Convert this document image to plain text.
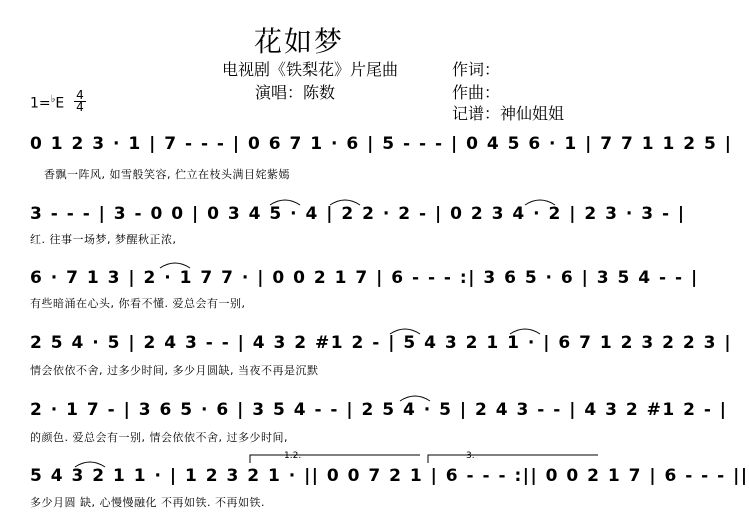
花如梦
电视剧《铁梨花》片尾曲
演唱：陈数
作词：
作曲：
记谱：神仙姐姐
1=♭E
4
4
0 1 2 3 · 1 | 7 - - - | 0 6 7 1 · 6 | 5 - - - | 0 4 5 6 · 1 | 7 7 1 1 2 5 |
香飘一阵风, 如雪般笑容, 伫立在枝头满目姹紫嫣
3 - - - | 3 - 0 0 | 0 3 4 5 · 4 | 2 2 · 2 - | 0 2 3 4 · 2 | 2 3 · 3 - |
红. 往事一场梦, 梦醒秋正浓,
6 · 7 1 3 | 2 · 1 7 7 · | 0 0 2 1 7 | 6 - - - :| 3 6 5 · 6 | 3 5 4 - - |
有些暗涌在心头, 你看不懂. 爱总会有一别,
2 5 4 · 5 | 2 4 3 - - | 4 3 2 #1 2 - | 5 4 3 2 1 1 · | 6 7 1 2 3 2 2 3 |
情会依依不舍, 过多少时间, 多少月圆缺, 当夜不再是沉默
2 · 1 7 - | 3 6 5 · 6 | 3 5 4 - - | 2 5 4 · 5 | 2 4 3 - - | 4 3 2 #1 2 - |
的颜色. 爱总会有一别, 情会依依不舍, 过多少时间,
1.2.	3.
5 4 3 2 1 1 · | 1 2 3 2 1 · || 0 0 7 2 1 | 6 - - - :|| 0 0 2 1 7 | 6 - - - ||
多少月圆 缺, 心慢慢融化 不再如铁. 不再如铁.
